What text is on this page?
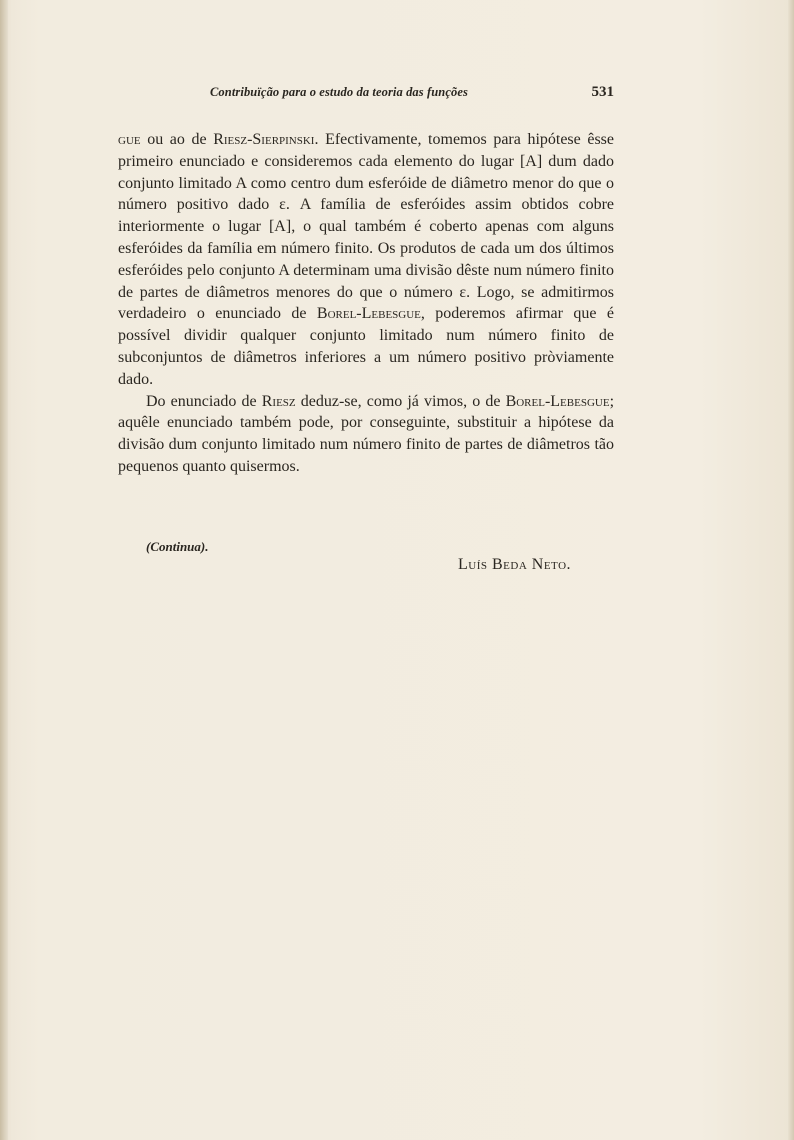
Contribuïção para o estudo da teoria das funções	531

gue ou ao de Riesz-Sierpinski. Efectivamente, tomemos para hipótese êsse primeiro enunciado e consideremos cada elemento do lugar [A] dum dado conjunto limitado A como centro dum esferóide de diâmetro menor do que o número positivo dado ε. A família de esferóides assim obtidos cobre interiormente o lugar [A], o qual também é coberto apenas com alguns esferóides da família em número finito. Os produtos de cada um dos últimos esferóides pelo conjunto A determinam uma divisão dêste num número finito de partes de diâmetros menores do que o número ε. Logo, se admitirmos verdadeiro o enunciado de Borel-Lebesgue, poderemos afirmar que é possível dividir qualquer conjunto limitado num número finito de subconjuntos de diâmetros inferiores a um número positivo pròviamente dado.

Do enunciado de Riesz deduz-se, como já vimos, o de Borel-Lebesgue; aquêle enunciado também pode, por conseguinte, substituir a hipótese da divisão dum conjunto limitado num número finito de partes de diâmetros tão pequenos quanto quisermos.

(Continua).
Luís Beda Neto.
